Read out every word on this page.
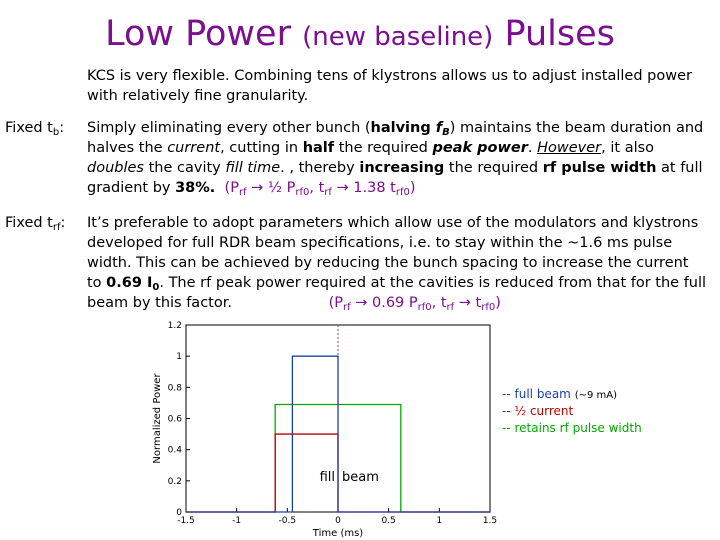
Low Power (new baseline) Pulses
KCS is very flexible. Combining tens of klystrons allows us to adjust installed power
with relatively fine granularity.
Fixed $t_b$: Simply eliminating every other bunch (halving $f_B$) maintains the beam duration and
halves the current, cutting in half the required peak power. However, it also
doubles the cavity fill time. , thereby increasing the required rf pulse width at full
gradient by 38%. ($P_{rf}$ → ½ $P_{rf0}$, $t_{rf} \to 1.38$ $t_{rf0}$)
Fixed $t_{rf}$: It’s preferable to adopt parameters which allow use of the modulators and klystrons
developed for full RDR beam specifications, i.e. to stay within the ~1.6 ms pulse
width. This can be achieved by reducing the bunch spacing to increase the current
to 0.69 $I_0$. The rf peak power required at the cavities is reduced from that for the full
beam by this factor.	($P_{rf} \to 0.69$ $P_{rf0}$, $t_{rf} \to t_{rf0}$)
-1.5	-1	-0.5	0	0.5	1	1.5
0
0.2
0.4
0.6
0.8
1
1.2
Time (ms)
Normalized Power
fill beam
-- full beam (~9 mA)
-- ½ current
-- retains rf pulse width
